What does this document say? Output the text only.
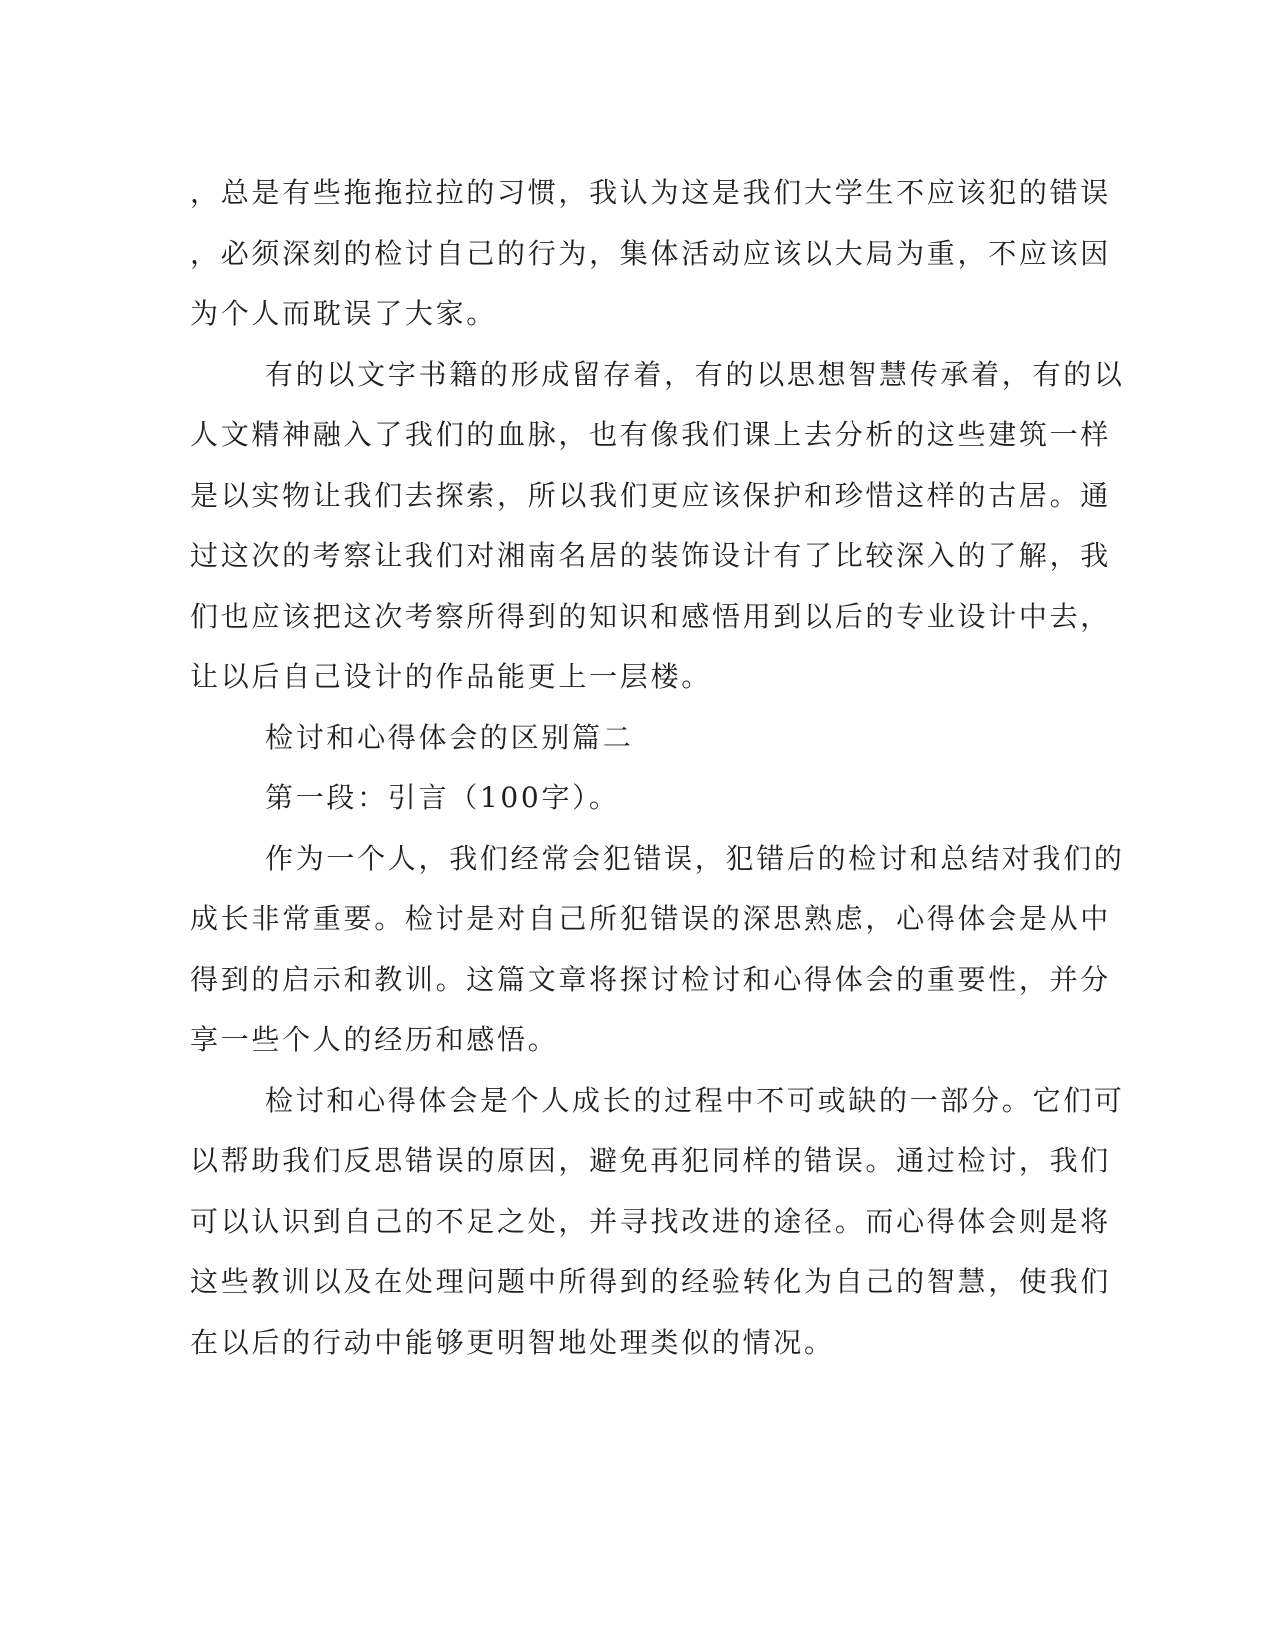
，总是有些拖拖拉拉的习惯，我认为这是我们大学生不应该犯的错误
，必须深刻的检讨自己的行为，集体活动应该以大局为重，不应该因
为个人而耽误了大家。
有的以文字书籍的形成留存着，有的以思想智慧传承着，有的以
人文精神融入了我们的血脉，也有像我们课上去分析的这些建筑一样
是以实物让我们去探索，所以我们更应该保护和珍惜这样的古居。通
过这次的考察让我们对湘南名居的装饰设计有了比较深入的了解，我
们也应该把这次考察所得到的知识和感悟用到以后的专业设计中去，
让以后自己设计的作品能更上一层楼。
检讨和心得体会的区别篇二
第一段：引言（100字）。
作为一个人，我们经常会犯错误，犯错后的检讨和总结对我们的
成长非常重要。检讨是对自己所犯错误的深思熟虑，心得体会是从中
得到的启示和教训。这篇文章将探讨检讨和心得体会的重要性，并分
享一些个人的经历和感悟。
检讨和心得体会是个人成长的过程中不可或缺的一部分。它们可
以帮助我们反思错误的原因，避免再犯同样的错误。通过检讨，我们
可以认识到自己的不足之处，并寻找改进的途径。而心得体会则是将
这些教训以及在处理问题中所得到的经验转化为自己的智慧，使我们
在以后的行动中能够更明智地处理类似的情况。
